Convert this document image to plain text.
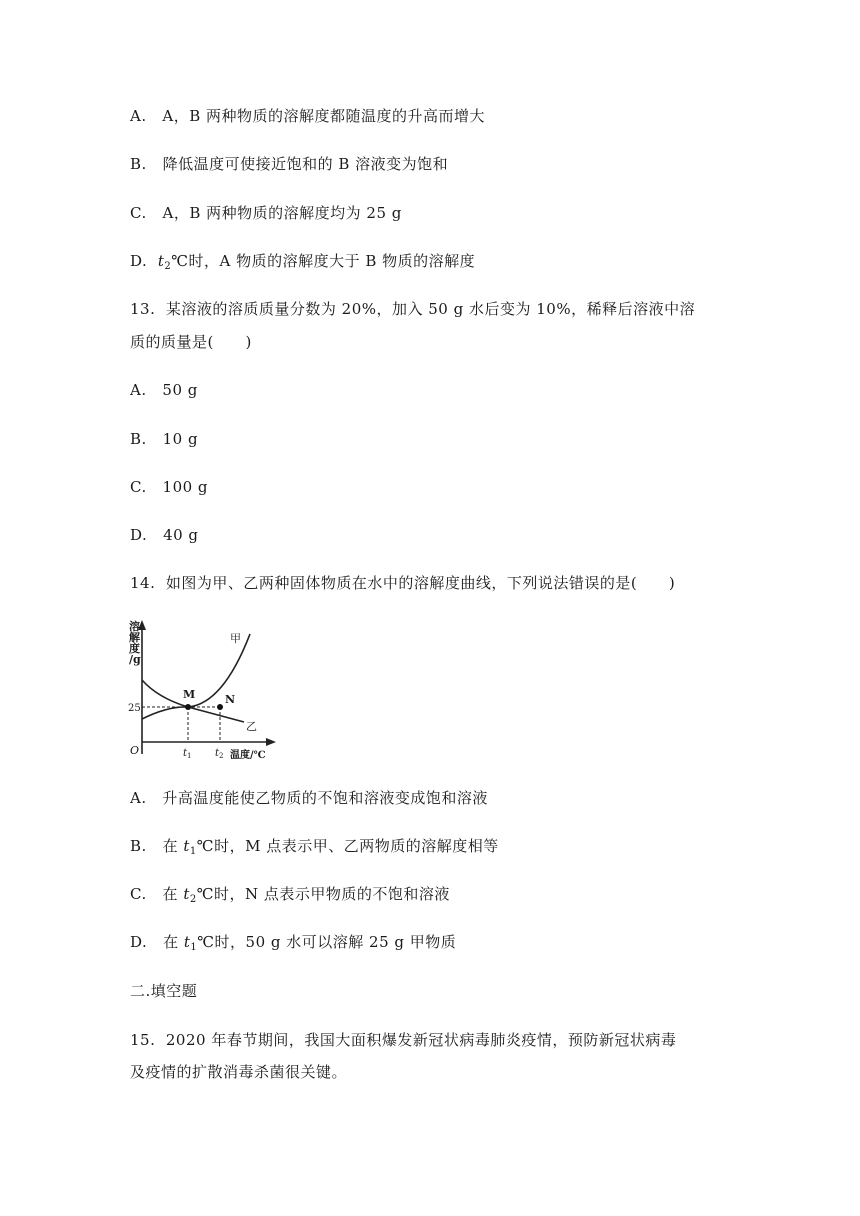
A. A，B 两种物质的溶解度都随温度的升高而增大
B. 降低温度可使接近饱和的 B 溶液变为饱和
C. A，B 两种物质的溶解度均为 25 g
D. $t_2℃$时，A 物质的溶解度大于 B 物质的溶解度
13.  某溶液的溶质质量分数为 20%，加入 50 g 水后变为 10%，稀释后溶液中溶
质的质量是(      )
A. 50 g
B. 10 g
C. 100 g
D. 40 g
14.  如图为甲、乙两种固体物质在水中的溶解度曲线，下列说法错误的是(      )
溶 解 度 /g
甲
乙
M	N
25
O	$t_1$ $t_2$ 温度/℃
A. 升高温度能使乙物质的不饱和溶液变成饱和溶液
B. 在 $t_1℃$时，M 点表示甲、乙两物质的溶解度相等
C. 在 $t_2℃$时，N 点表示甲物质的不饱和溶液
D. 在 $t_1℃$时，50 g 水可以溶解 25 g 甲物质
二.填空题
15.  2020 年春节期间，我国大面积爆发新冠状病毒肺炎疫情，预防新冠状病毒
及疫情的扩散消毒杀菌很关键。
